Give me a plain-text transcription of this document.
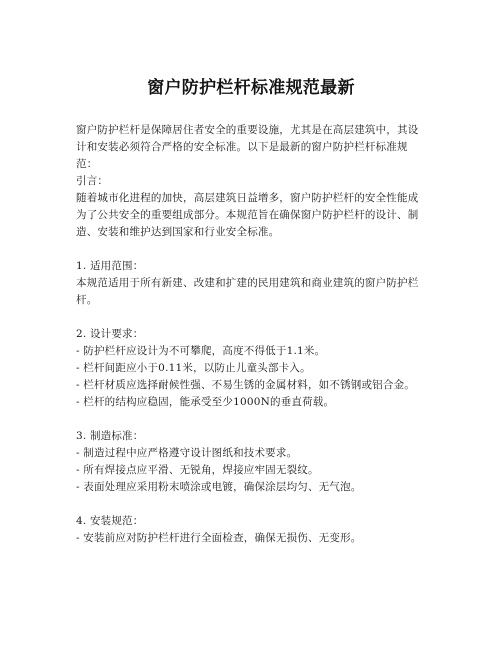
窗户防护栏杆标准规范最新

窗户防护栏杆是保障居住者安全的重要设施，尤其是在高层建筑中，其设计和安装必须符合严格的安全标准。以下是最新的窗户防护栏杆标准规范：

引言：

随着城市化进程的加快，高层建筑日益增多，窗户防护栏杆的安全性能成为了公共安全的重要组成部分。本规范旨在确保窗户防护栏杆的设计、制造、安装和维护达到国家和行业安全标准。

1. 适用范围：

本规范适用于所有新建、改建和扩建的民用建筑和商业建筑的窗户防护栏杆。

2. 设计要求：

- 防护栏杆应设计为不可攀爬，高度不得低于1.1米。

- 栏杆间距应小于0.11米，以防止儿童头部卡入。

- 栏杆材质应选择耐候性强、不易生锈的金属材料，如不锈钢或铝合金。

- 栏杆的结构应稳固，能承受至少1000N的垂直荷载。

3. 制造标准：

- 制造过程中应严格遵守设计图纸和技术要求。

- 所有焊接点应平滑、无锐角，焊接应牢固无裂纹。

- 表面处理应采用粉末喷涂或电镀，确保涂层均匀、无气泡。

4. 安装规范：

- 安装前应对防护栏杆进行全面检查，确保无损伤、无变形。
